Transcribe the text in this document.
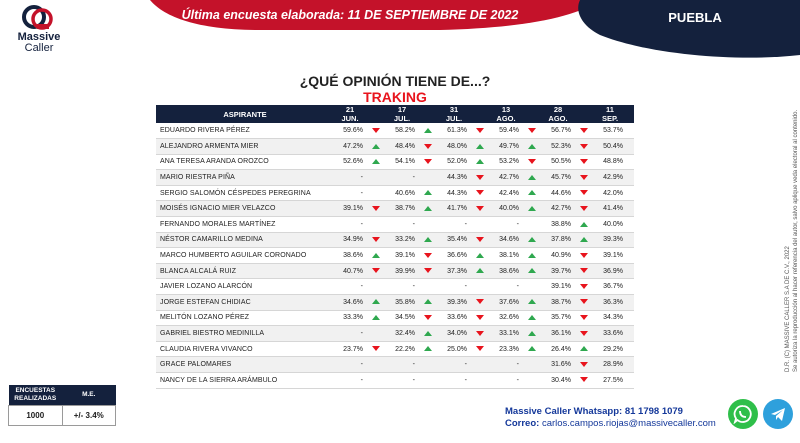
Massive
Caller
Última encuesta elaborada: 11 DE SEPTIEMBRE DE 2022	PUEBLA
¿QUÉ OPINIÓN TIENE DE...?
TRAKING
ASPIRANTE	21 JUN.		17 JUL.		31 JUL.		13 AGO.		28 AGO.		11 SEP.	
EDUARDO RIVERA PÉREZ	59.6%		58.2%		61.3%		59.4%		56.7%		53.7%	
ALEJANDRO ARMENTA MIER	47.2%		48.4%		48.0%		49.7%		52.3%		50.4%	
ANA TERESA ARANDA OROZCO	52.6%		54.1%		52.0%		53.2%		50.5%		48.8%	
MARIO RIESTRA PIÑA	-		-		44.3%		42.7%		45.7%		42.9%	
SERGIO SALOMÓN CÉSPEDES PEREGRINA	-		40.6%		44.3%		42.4%		44.6%		42.0%	
MOISÉS IGNACIO MIER VELAZCO	39.1%		38.7%		41.7%		40.0%		42.7%		41.4%	
FERNANDO MORALES MARTÍNEZ	-		-		-		-		38.8%		40.0%	
NÉSTOR CAMARILLO MEDINA	34.9%		33.2%		35.4%		34.6%		37.8%		39.3%	
MARCO HUMBERTO AGUILAR CORONADO	38.6%		39.1%		36.6%		38.1%		40.9%		39.1%	
BLANCA ALCALÁ RUIZ	40.7%		39.9%		37.3%		38.6%		39.7%		36.9%	
JAVIER LOZANO ALARCÓN	-		-		-		-		39.1%		36.7%	
JORGE ESTEFAN CHIDIAC	34.6%		35.8%		39.3%		37.6%		38.7%		36.3%	
MELITÓN LOZANO PÉREZ	33.3%		34.5%		33.6%		32.6%		35.7%		34.3%	
GABRIEL BIESTRO MEDINILLA	-		32.4%		34.0%		33.1%		36.1%		33.6%	
CLAUDIA RIVERA VIVANCO	23.7%		22.2%		25.0%		23.3%		26.4%		29.2%	
GRACE PALOMARES	-		-		-		-		31.6%		28.9%	
NANCY DE LA SIERRA ARÁMBULO	-		-		-		-		30.4%		27.5%	
D.R. (C) MASSIVE CALLER S.A DE C.V., 2022 Se autoriza la reproducción al hacer referencia del autor, salvo aplique veda electoral al contenido.
ENCUESTAS REALIZADAS	M.E.
1000	+/- 3.4%	Massive Caller Whatsapp: 81 1798 1079
Correo: carlos.campos.riojas@massivecaller.com
